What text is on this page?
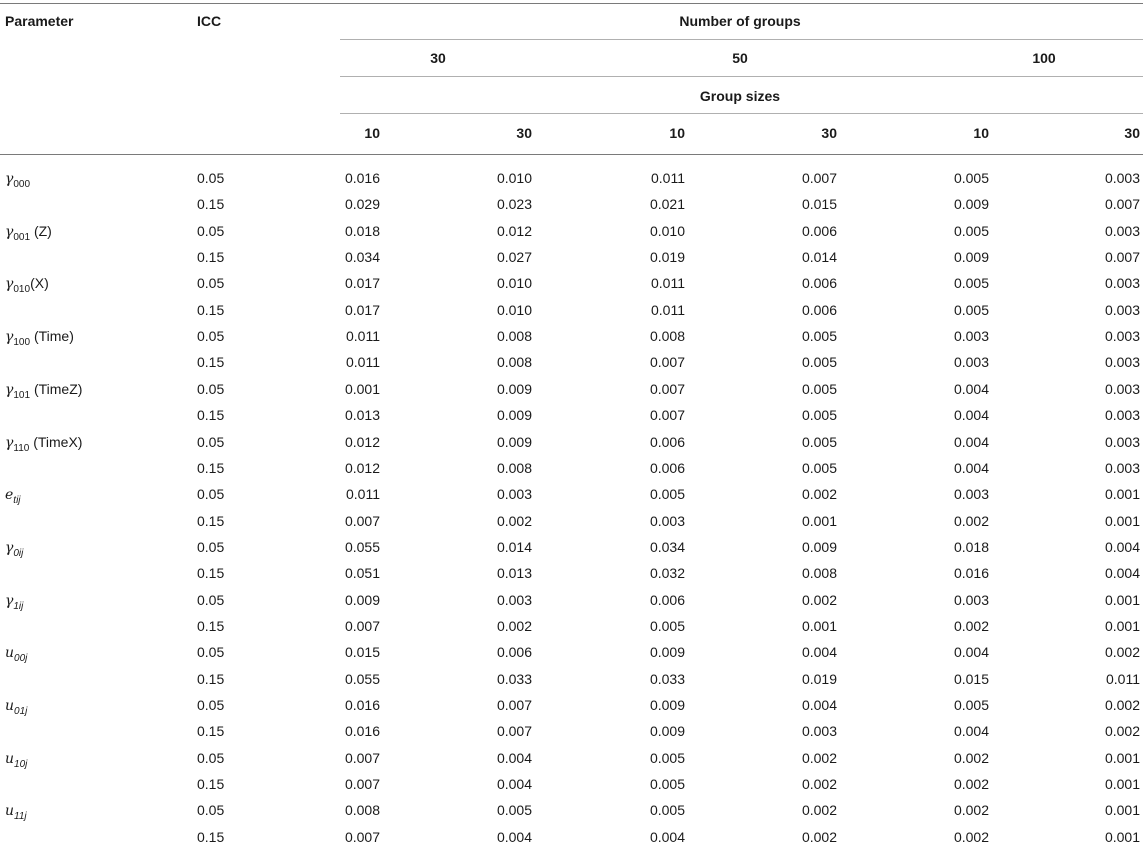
Parameter	ICC	Number of groups
30	50	100
Group sizes
10	30	10	30	10	30
$\gamma_{000}$	0.05	0.016	0.010	0.011	0.007	0.005	0.003
0.15	0.029	0.023	0.021	0.015	0.009	0.007
$\gamma_{001}$ (Z)	0.05	0.018	0.012	0.010	0.006	0.005	0.003
0.15	0.034	0.027	0.019	0.014	0.009	0.007
$\gamma_{010}(X)$	0.05	0.017	0.010	0.011	0.006	0.005	0.003
0.15	0.017	0.010	0.011	0.006	0.005	0.003
$\gamma_{100}$ (Time)	0.05	0.011	0.008	0.008	0.005	0.003	0.003
0.15	0.011	0.008	0.007	0.005	0.003	0.003
$\gamma_{101}$ (TimeZ)	0.05	0.001	0.009	0.007	0.005	0.004	0.003
0.15	0.013	0.009	0.007	0.005	0.004	0.003
$\gamma_{110}$ (TimeX)	0.05	0.012	0.009	0.006	0.005	0.004	0.003
0.15	0.012	0.008	0.006	0.005	0.004	0.003
$e_{tij}$	0.05	0.011	0.003	0.005	0.002	0.003	0.001
0.15	0.007	0.002	0.003	0.001	0.002	0.001
$\gamma_{0ij}$	0.05	0.055	0.014	0.034	0.009	0.018	0.004
0.15	0.051	0.013	0.032	0.008	0.016	0.004
$\gamma_{1ij}$	0.05	0.009	0.003	0.006	0.002	0.003	0.001
0.15	0.007	0.002	0.005	0.001	0.002	0.001
$u_{00j}$	0.05	0.015	0.006	0.009	0.004	0.004	0.002
0.15	0.055	0.033	0.033	0.019	0.015	0.011
$u_{01j}$	0.05	0.016	0.007	0.009	0.004	0.005	0.002
0.15	0.016	0.007	0.009	0.003	0.004	0.002
$u_{10j}$	0.05	0.007	0.004	0.005	0.002	0.002	0.001
0.15	0.007	0.004	0.005	0.002	0.002	0.001
$u_{11j}$	0.05	0.008	0.005	0.005	0.002	0.002	0.001
0.15	0.007	0.004	0.004	0.002	0.002	0.001
